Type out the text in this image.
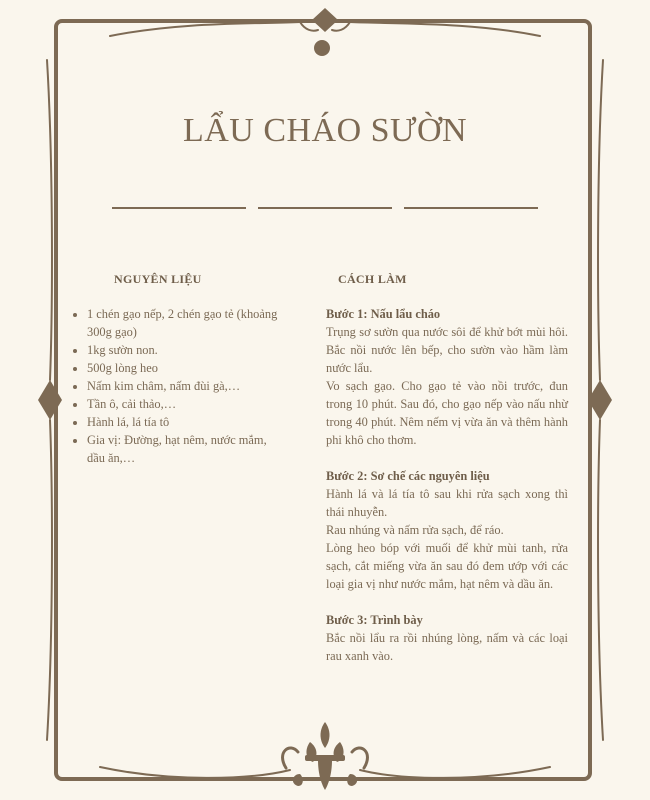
LẨU CHÁO SƯỜN
NGUYÊN LIỆU	CÁCH LÀM
• 1 chén gạo nếp, 2 chén gạo tẻ (khoảng 300g gạo)
• 1kg sườn non.
• 500g lòng heo
• Nấm kim châm, nấm đùi gà,…
• Tần ô, cải thảo,…
• Hành lá, lá tía tô
• Gia vị: Đường, hạt nêm, nước mắm, dầu ăn,…
Bước 1: Nấu lẩu cháo

Trụng sơ sườn qua nước sôi để khử bớt mùi hôi. Bắc nồi nước lên bếp, cho sườn vào hầm làm nước lẩu.

Vo sạch gạo. Cho gạo tẻ vào nồi trước, đun trong 10 phút. Sau đó, cho gạo nếp vào nấu nhừ trong 40 phút. Nêm nếm vị vừa ăn và thêm hành phi khô cho thơm.

Bước 2: Sơ chế các nguyên liệu

Hành lá và lá tía tô sau khi rửa sạch xong thì thái nhuyễn.

Rau nhúng và nấm rửa sạch, để ráo.

Lòng heo bóp với muối để khử mùi tanh, rửa sạch, cắt miếng vừa ăn sau đó đem ướp với các loại gia vị như nước mắm, hạt nêm và dầu ăn.

Bước 3: Trình bày

Bắc nồi lẩu ra rồi nhúng lòng, nấm và các loại rau xanh vào.
